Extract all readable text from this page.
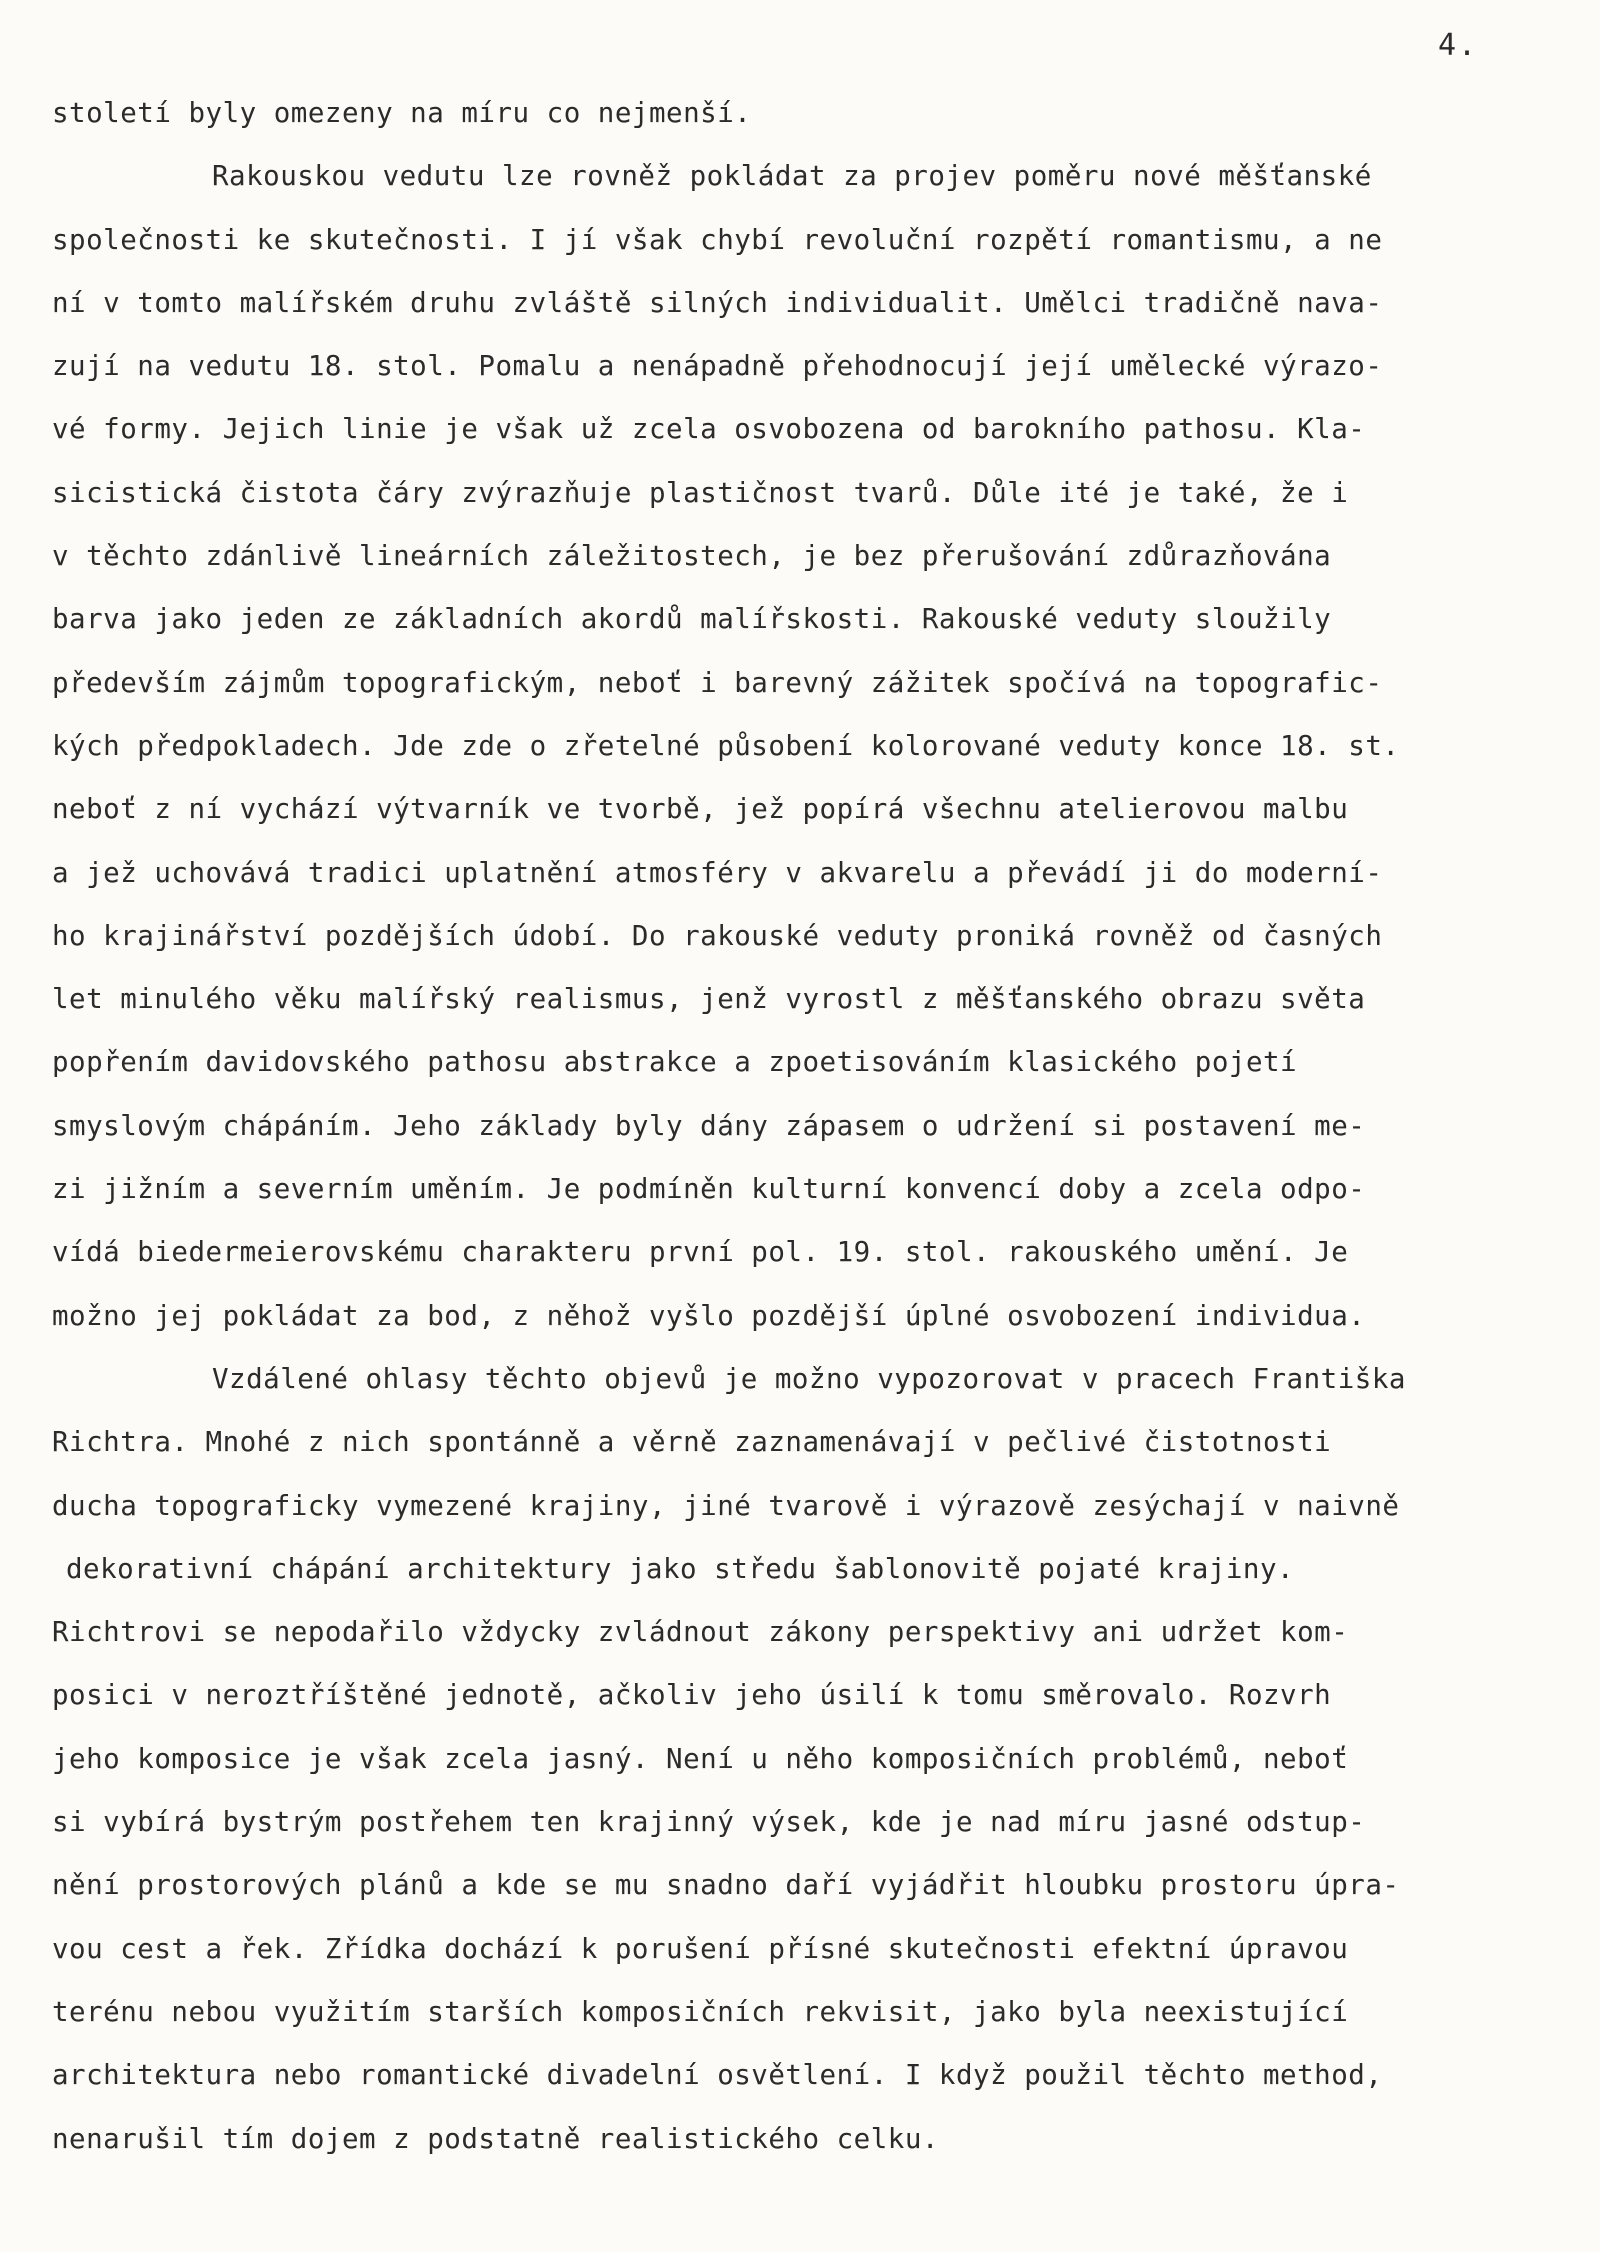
4.
století byly omezeny na míru co nejmenší.
Rakouskou vedutu lze rovněž pokládat za projev poměru nové měšťanské
společnosti ke skutečnosti. I jí však chybí revoluční rozpětí romantismu, a ne
ní v tomto malířském druhu zvláště silných individualit. Umělci tradičně nava-
zují na vedutu 18. stol. Pomalu a nenápadně přehodnocují její umělecké výrazo-
vé formy. Jejich linie je však už zcela osvobozena od barokního pathosu. Kla-
sicistická čistota čáry zvýrazňuje plastičnost tvarů. Důle ité je také, že i
v těchto zdánlivě lineárních záležitostech, je bez přerušování zdůrazňována
barva jako jeden ze základních akordů malířskosti. Rakouské veduty sloužily
především zájmům topografickým, neboť i barevný zážitek spočívá na topografic-
kých předpokladech. Jde zde o zřetelné působení kolorované veduty konce 18. st.
neboť z ní vychází výtvarník ve tvorbě, jež popírá všechnu atelierovou malbu
a jež uchovává tradici uplatnění atmosféry v akvarelu a převádí ji do moderní-
ho krajinářství pozdějších údobí. Do rakouské veduty proniká rovněž od časných
let minulého věku malířský realismus, jenž vyrostl z měšťanského obrazu světa
popřením davidovského pathosu abstrakce a zpoetisováním klasického pojetí
smyslovým chápáním. Jeho základy byly dány zápasem o udržení si postavení me-
zi jižním a severním uměním. Je podmíněn kulturní konvencí doby a zcela odpo-
vídá biedermeierovskému charakteru první pol. 19. stol. rakouského umění. Je
možno jej pokládat za bod, z něhož vyšlo pozdější úplné osvobození individua.
Vzdálené ohlasy těchto objevů je možno vypozorovat v pracech Františka
Richtra. Mnohé z nich spontánně a věrně zaznamenávají v pečlivé čistotnosti
ducha topograficky vymezené krajiny, jiné tvarově i výrazově zesýchají v naivně
dekorativní chápání architektury jako středu šablonovitě pojaté krajiny.
Richtrovi se nepodařilo vždycky zvládnout zákony perspektivy ani udržet kom-
posici v neroztříštěné jednotě, ačkoliv jeho úsilí k tomu směrovalo. Rozvrh
jeho komposice je však zcela jasný. Není u něho komposičních problémů, neboť
si vybírá bystrým postřehem ten krajinný výsek, kde je nad míru jasné odstup-
nění prostorových plánů a kde se mu snadno daří vyjádřit hloubku prostoru úpra-
vou cest a řek. Zřídka dochází k porušení přísné skutečnosti efektní úpravou
terénu nebou využitím starších komposičních rekvisit, jako byla neexistující
architektura nebo romantické divadelní osvětlení. I když použil těchto method,
nenarušil tím dojem z podstatně realistického celku.
